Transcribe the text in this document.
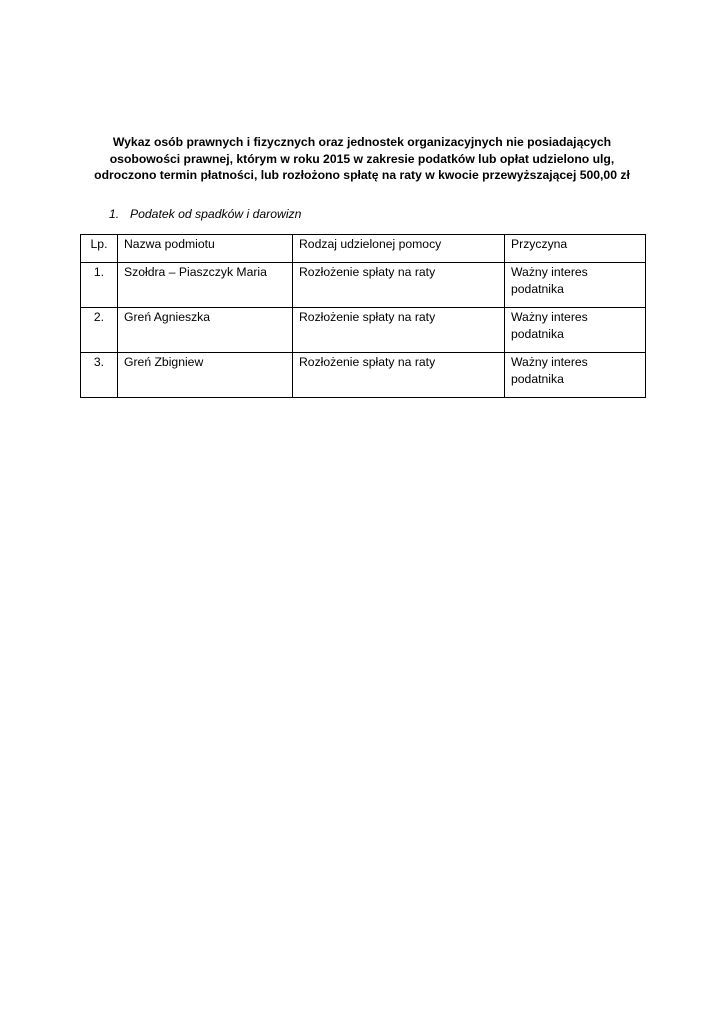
Wykaz osób prawnych i fizycznych oraz jednostek organizacyjnych nie posiadających
osobowości prawnej, którym w roku 2015 w zakresie podatków lub opłat udzielono ulg,
odroczono termin płatności, lub rozłożono spłatę na raty w kwocie przewyższającej 500,00 zł
1. Podatek od spadków i darowizn
Lp.	Nazwa podmiotu	Rodzaj udzielonej pomocy	Przyczyna
1.	Szołdra – Piaszczyk Maria	Rozłożenie spłaty na raty	Ważny interes
podatnika
2.	Greń Agnieszka	Rozłożenie spłaty na raty	Ważny interes
podatnika
3.	Greń Zbigniew	Rozłożenie spłaty na raty	Ważny interes
podatnika
